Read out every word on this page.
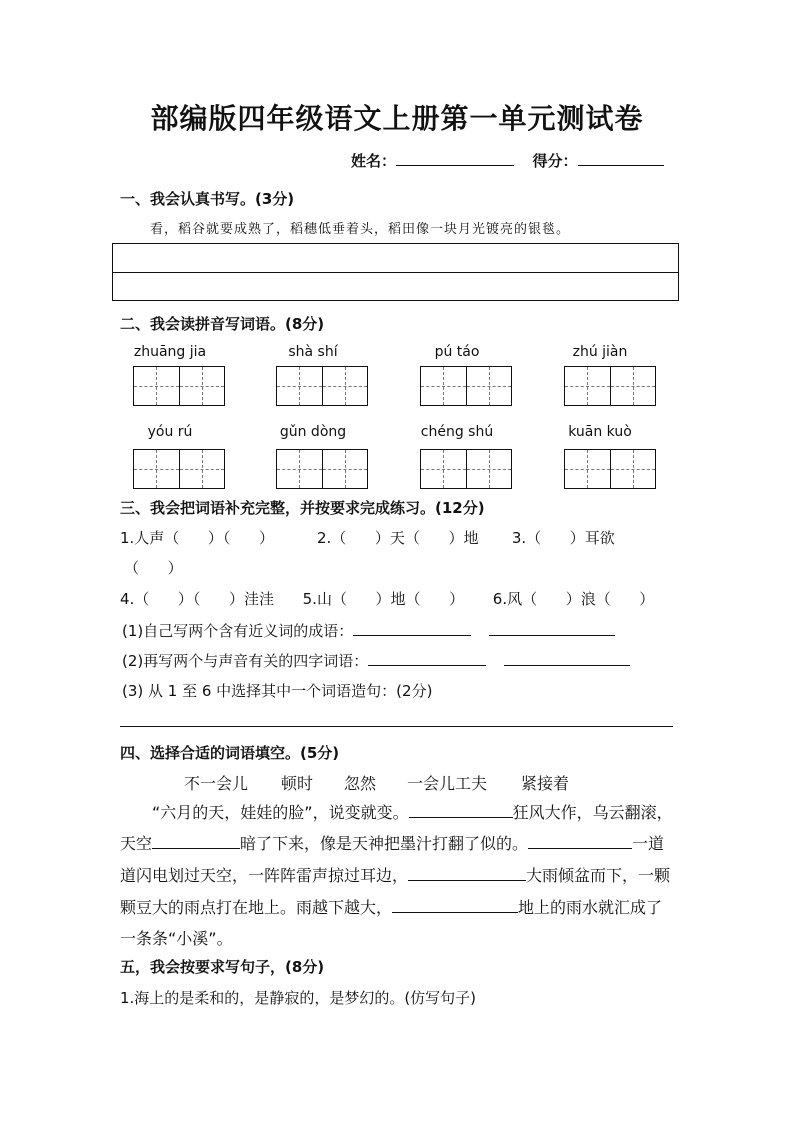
部编版四年级语文上册第一单元测试卷
姓名：	得分：
一、我会认真书写。(3分)
看，稻谷就要成熟了，稻穗低垂着头，稻田像一块月光镀亮的银毯。
二、我会读拼音写词语。(8分)
zhuāng jia	shà shí	pú táo	zhú jiàn
yóu rú	gǔn dòng	chéng shú	kuān kuò
三、我会把词语补充完整，并按要求完成练习。(12分)
1.人声（      ）（      ）         2.（      ）天（      ）地       3.（      ）耳欲
（      ）
4.（      ）（      ）洼洼      5.山（      ）地（      ）      6.风（      ）浪（      ）
(1)自己写两个含有近义词的成语：
(2)再写两个与声音有关的四字词语：
(3) 从 1 至 6 中选择其中一个词语造句：(2分)
四、选择合适的词语填空。(5分)
不一会儿 顿时 忽然 一会儿工夫 紧接着
“六月的天，娃娃的脸”，说变就变。	狂风大作，乌云翻滚，
天空	暗了下来，像是天神把墨汁打翻了似的。	一道
道闪电划过天空，一阵阵雷声掠过耳边，	大雨倾盆而下，一颗
颗豆大的雨点打在地上。雨越下越大，	地上的雨水就汇成了
一条条“小溪”。
五，我会按要求写句子，(8分)
1.海上的是柔和的，是静寂的，是梦幻的。(仿写句子)
